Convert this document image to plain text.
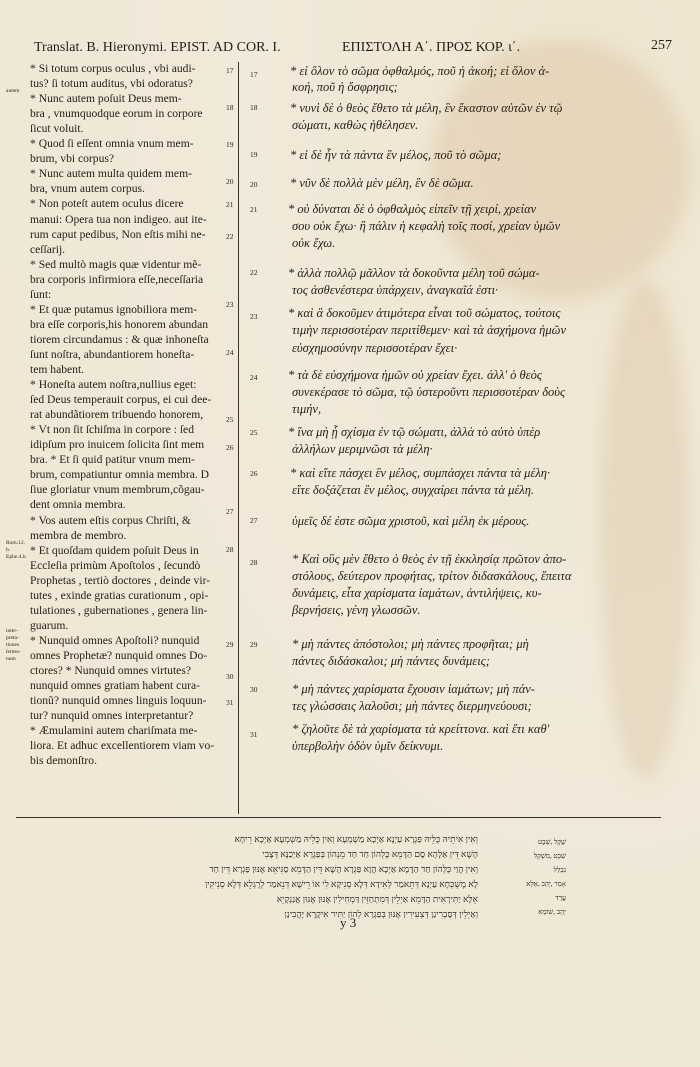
Translat. B. Hieronymi. EPIST. AD COR. I.	ΕΠΙΣΤΟΛΗ Α΄. ΠΡΟΣ ΚΟΡ. ι΄.	257
* Si totum corpus oculus , vbi audi-
tus? ſi totum auditus, vbi odoratus?
* Nunc autem poſuit Deus mem-
bra , vnumquodque eorum in corpore
ſicut voluit.
* Quod ſi eſſent omnia vnum mem-
brum, vbi corpus?
* Nunc autem multa quidem mem-
bra, vnum autem corpus.
* Non poteſt autem oculus dicere
manui: Opera tua non indigeo. aut ite-
rum caput pedibus, Non eſtis mihi ne-
ceſſarij.
* Sed multò magis quæ videntur mẽ-
bra corporis infirmiora eſſe,neceſſaria
ſunt:
* Et quæ putamus ignobiliora mem-
bra eſſe corporis,his honorem abundan
tiorem circundamus : & quæ inhoneſta
ſunt noſtra, abundantiorem honeſta-
tem habent.
* Honeſta autem noſtra,nullius eget:
ſed Deus temperauit corpus, ei cui dee-
rat abundãtiorem tribuendo honorem,
* Vt non ſit ſchiſma in corpore : ſed
idipſum pro inuicem ſolicita ſint mem
bra. * Et ſi quid patitur vnum mem-
brum, compatiuntur omnia membra. D
ſiue gloriatur vnum membrum,cõgau-
dent omnia membra.
* Vos autem eſtis corpus Chriſti, &
membra de membro.
* Et quoſdam quidem poſuit Deus in
Eccleſia primùm Apoſtolos , ſecundò
Prophetas , tertiò doctores , deinde vir-
tutes , exinde gratias curationum , opi-
tulationes , gubernationes , genera lin-
guarum.
* Nunquid omnes Apoſtoli? nunquid
omnes Prophetæ? nunquid omnes Do-
ctores? * Nunquid omnes virtutes?
nunquid omnes gratiam habent cura-
tionũ? nunquid omnes linguis loquun-
tur? nunquid omnes interpretantur?
* Æmulamini autem chariſmata me-
liora. Et adhuc excellentiorem viam vo-
bis demonſtro.
17
18
19
20
21
22
23
24
25
26
27
28
29
30
31
autem
Rom.12.
b.
Ephe.4.b.
inter-
preta-
tiones
ſermo-
num
17
18
19
20
21
22
23
24
25
26
27
28
29
30
31
* εἰ ὅλον τὸ σῶμα ὀφθαλμός, ποῦ ἡ ἀκοή; εἰ ὅλον ἀ-
κοή, ποῦ ἡ ὄσφρησις;
* νυνὶ δὲ ὁ θεὸς ἔθετο τὰ μέλη, ἓν ἕκαστον αὐτῶν ἐν τῷ
σώματι, καθὼς ἠθέλησεν.
* εἰ δὲ ἦν τὰ πάντα ἓν μέλος, ποῦ τὸ σῶμα;
* νῦν δὲ πολλὰ μὲν μέλη, ἓν δὲ σῶμα.
* οὐ δύναται δὲ ὁ ὀφθαλμὸς εἰπεῖν τῇ χειρί, χρείαν
σου οὐκ ἔχω· ἢ πάλιν ἡ κεφαλὴ τοῖς ποσί, χρείαν ὑμῶν
οὐκ ἔχω.
* ἀλλὰ πολλῷ μᾶλλον τὰ δοκοῦντα μέλη τοῦ σώμα-
τος ἀσθενέστερα ὑπάρχειν, ἀναγκαῖά ἐστι·
* καὶ ἃ δοκοῦμεν ἀτιμότερα εἶναι τοῦ σώματος, τούτοις
τιμὴν περισσοτέραν περιτίθεμεν· καὶ τὰ ἀσχήμονα ἡμῶν
εὐσχημοσύνην περισσοτέραν ἔχει·
* τὰ δὲ εὐσχήμονα ἡμῶν οὐ χρείαν ἔχει. ἀλλ' ὁ θεὸς
συνεκέρασε τὸ σῶμα, τῷ ὑστεροῦντι περισσοτέραν δοὺς
τιμήν,
* ἵνα μὴ ᾖ σχίσμα ἐν τῷ σώματι, ἀλλὰ τὸ αὐτὸ ὑπὲρ
ἀλλήλων μεριμνῶσι τὰ μέλη·
* καὶ εἴτε πάσχει ἓν μέλος, συμπάσχει πάντα τὰ μέλη·
εἴτε δοξάζεται ἓν μέλος, συγχαίρει πάντα τὰ μέλη.
ὑμεῖς δέ ἐστε σῶμα χριστοῦ, καὶ μέλη ἐκ μέρους.
* Καὶ οὓς μὲν ἔθετο ὁ θεὸς ἐν τῇ ἐκκλησίᾳ πρῶτον ἀπο-
στόλους, δεύτερον προφήτας, τρίτον διδασκάλους, ἔπειτα
δυνάμεις, εἶτα χαρίσματα ἰαμάτων, ἀντιλήψεις, κυ-
βερνήσεις, γένη γλωσσῶν.
* μὴ πάντες ἀπόστολοι; μὴ πάντες προφῆται; μὴ
πάντες διδάσκαλοι; μὴ πάντες δυνάμεις;
* μὴ πάντες χαρίσματα ἔχουσιν ἰαμάτων; μὴ πάν-
τες γλώσσαις λαλοῦσι; μὴ πάντες διερμηνεύουσι;
* ζηλοῦτε δὲ τὰ χαρίσματα τὰ κρείττονα. καὶ ἔτι καθ'
ὑπερβολὴν ὁδὸν ὑμῖν δείκνυμι.
וְאִין אִיתֵיהּ כֻּלֵּיהּ פַּגְרָא עַיְנָא אַיְכָא מַשְׁמְעָא וְאִין כֻּלֵּיהּ מַשְׁמְעָא אַיְכָא רֵיחָא
הָשָׁא דֵּין אַלָּהָא סָם הַדָּמֵא כֻּלְּהוֹן חַד חַד מֵנְהוֹן בְּפַגְרָא אַיְכַנָּא דְּצָבִי
וְאִין הֲוַי כֻּלְּהוֹן חַד הַדָּמָא אַיְכָא הֲוָא פַּגְרָא הָשָׁא דֵּין הַדָּמֵא סַגִּיאֵא אֶנּוּן פַּגְרָא דֵּין חַד
לָא מֶשְׁכְּחָא עַיְנָא דְּתֵאמַר לְאִידָא דְּלָא סְנִיקָא לִי אוֹ רֵישָׁא דְּנֵאמַר לְרֶגְלֵא דְּלָא סְנִיקִין
אֵלָּא יַתִּירָאִית הַדָּמֵא אַיְלֵין דְּמִתְחַזֵּין דַּמְחִילִין אֶנּוּן אֶנּוּן אֲנַנְקָיֵא
וְאַיְלֵין דְּסָבְרִינַן דְּצְעִירִין אֶנּוּן בְּפַגְרָא לְהוֹן יַתִּיר אִיקָרָא יָהֲבִינַן
שֶׁקֶל ,שֵׁבֶט
שְׁבֵט ,מִשְׁקָל
נִבְלַל
אָמַר ,יָהַב ,אַלָּא
עֲרַד
יְהַב ,שׁוֹמֵא
y 3
